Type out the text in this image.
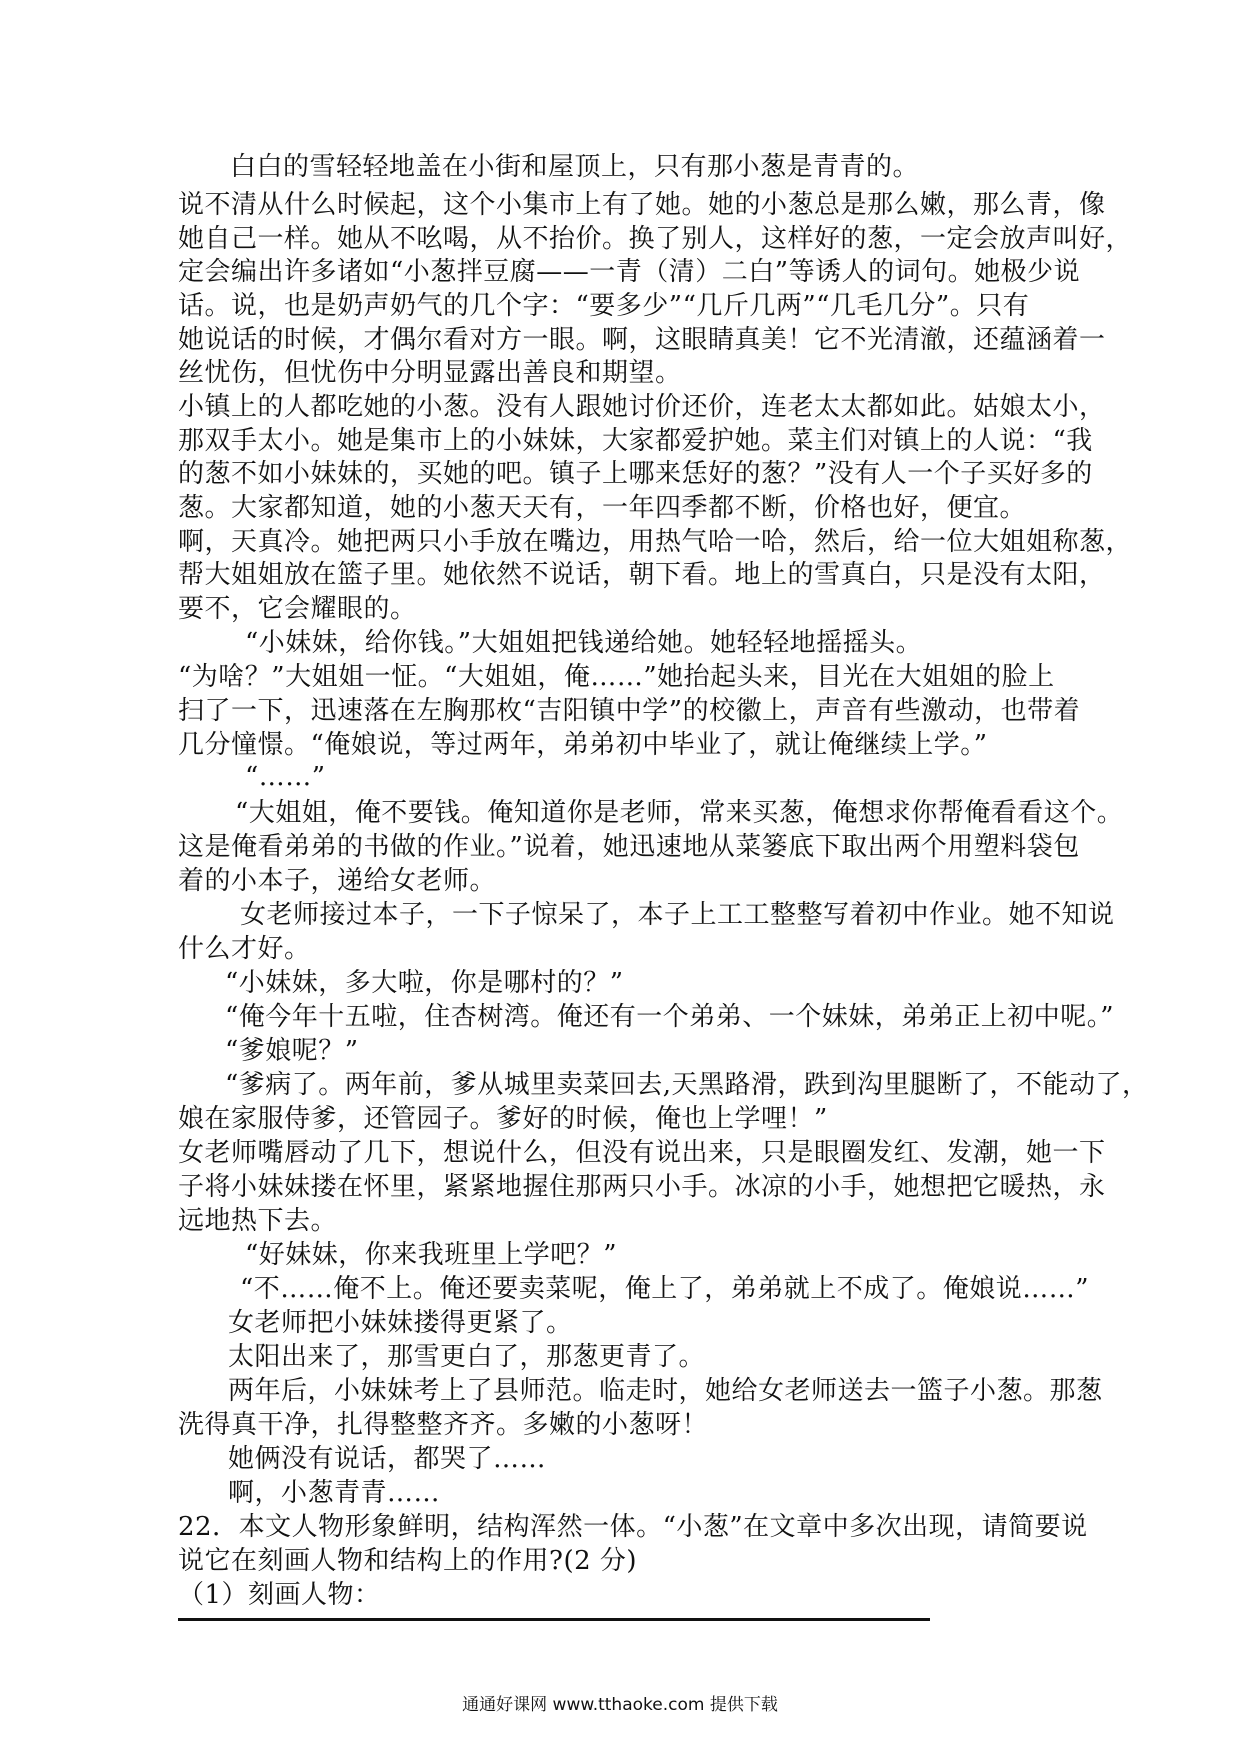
白白的雪轻轻地盖在小街和屋顶上，只有那小葱是青青的。
说不清从什么时候起，这个小集市上有了她。她的小葱总是那么嫩，那么青，像
她自己一样。她从不吆喝，从不抬价。换了别人，这样好的葱，一定会放声叫好，
定会编出许多诸如“小葱拌豆腐——一青（清）二白”等诱人的词句。她极少说
话。说，也是奶声奶气的几个字：“要多少”“几斤几两”“几毛几分”。只有
她说话的时候，才偶尔看对方一眼。啊，这眼睛真美！它不光清澈，还蕴涵着一
丝忧伤，但忧伤中分明显露出善良和期望。
小镇上的人都吃她的小葱。没有人跟她讨价还价，连老太太都如此。姑娘太小，
那双手太小。她是集市上的小妹妹，大家都爱护她。菜主们对镇上的人说：“我
的葱不如小妹妹的，买她的吧。镇子上哪来恁好的葱？”没有人一个子买好多的
葱。大家都知道，她的小葱天天有，一年四季都不断，价格也好，便宜。
啊，天真冷。她把两只小手放在嘴边，用热气哈一哈，然后，给一位大姐姐称葱，
帮大姐姐放在篮子里。她依然不说话，朝下看。地上的雪真白，只是没有太阳，
要不，它会耀眼的。
“小妹妹，给你钱。”大姐姐把钱递给她。她轻轻地摇摇头。
“为啥？”大姐姐一怔。“大姐姐，俺……”她抬起头来，目光在大姐姐的脸上
扫了一下，迅速落在左胸那枚“吉阳镇中学”的校徽上，声音有些激动，也带着
几分憧憬。“俺娘说，等过两年，弟弟初中毕业了，就让俺继续上学。”
“……”
“大姐姐，俺不要钱。俺知道你是老师，常来买葱，俺想求你帮俺看看这个。
这是俺看弟弟的书做的作业。”说着，她迅速地从菜篓底下取出两个用塑料袋包
着的小本子，递给女老师。
女老师接过本子，一下子惊呆了，本子上工工整整写着初中作业。她不知说
什么才好。
“小妹妹，多大啦，你是哪村的？”
“俺今年十五啦，住杏树湾。俺还有一个弟弟、一个妹妹，弟弟正上初中呢。”
“爹娘呢？”
“爹病了。两年前，爹从城里卖菜回去,天黑路滑，跌到沟里腿断了，不能动了，
娘在家服侍爹，还管园子。爹好的时候，俺也上学哩！”
女老师嘴唇动了几下，想说什么，但没有说出来，只是眼圈发红、发潮，她一下
子将小妹妹搂在怀里，紧紧地握住那两只小手。冰凉的小手，她想把它暖热，永
远地热下去。
“好妹妹，你来我班里上学吧？”
“不……俺不上。俺还要卖菜呢，俺上了，弟弟就上不成了。俺娘说……”
女老师把小妹妹搂得更紧了。
太阳出来了，那雪更白了，那葱更青了。
两年后，小妹妹考上了县师范。临走时，她给女老师送去一篮子小葱。那葱
洗得真干净，扎得整整齐齐。多嫩的小葱呀！
她俩没有说话，都哭了……
啊，小葱青青……
22．本文人物形象鲜明，结构浑然一体。“小葱”在文章中多次出现，请简要说
说它在刻画人物和结构上的作用?(2 分)
（1）刻画人物：
通通好课网 www.tthaoke.com 提供下载
